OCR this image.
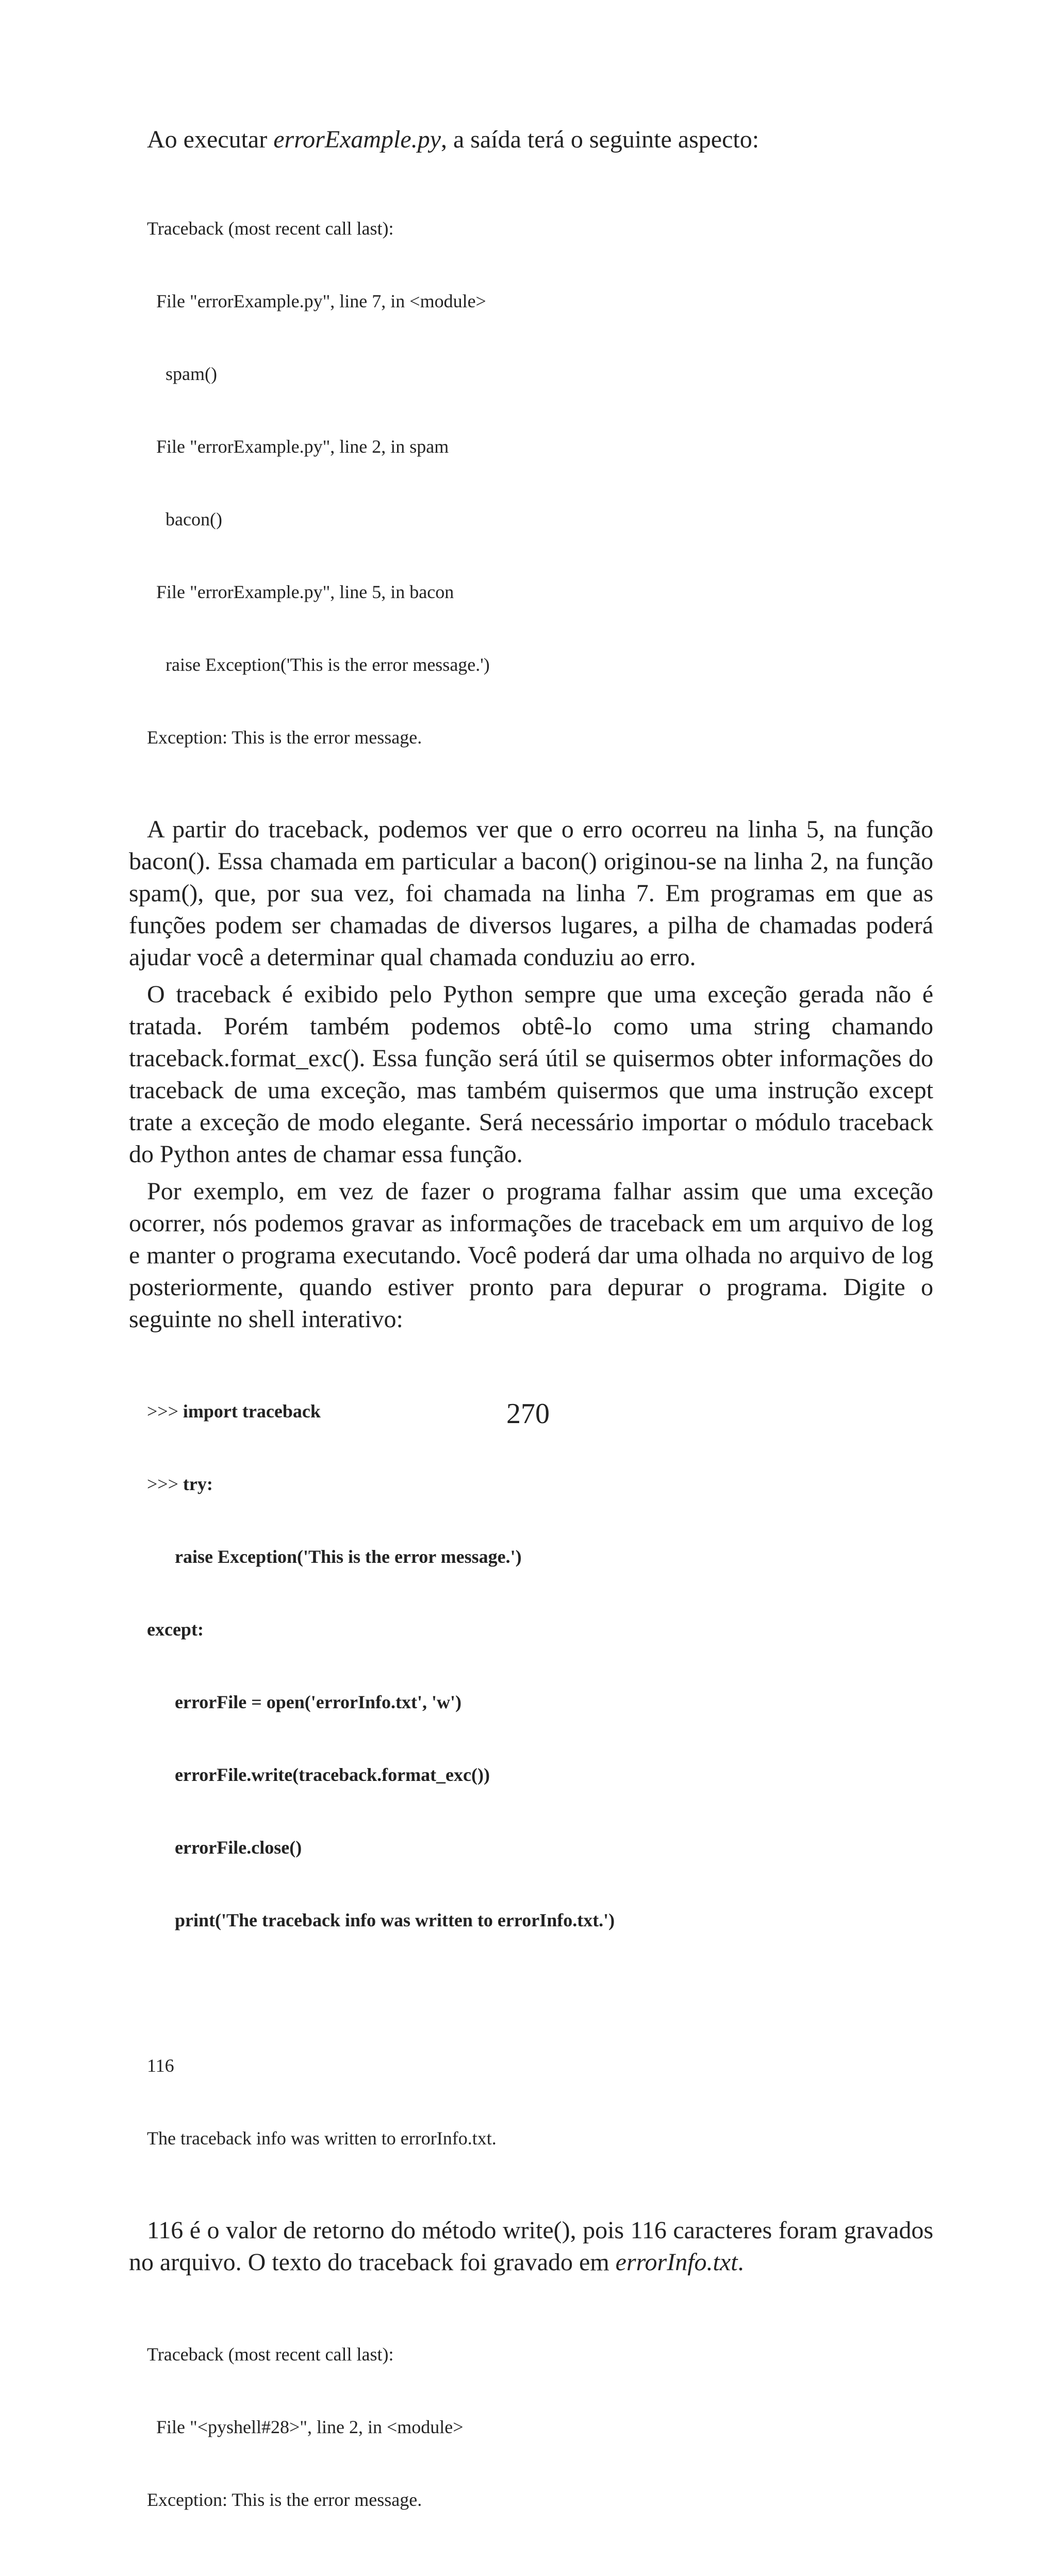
Ao executar errorExample.py, a saída terá o seguinte aspecto:

Traceback (most recent call last):

File "errorExample.py", line 7, in <module>

spam()

File "errorExample.py", line 2, in spam

bacon()

File "errorExample.py", line 5, in bacon

raise Exception('This is the error message.')

Exception: This is the error message.

A partir do traceback, podemos ver que o erro ocorreu na linha 5, na função bacon(). Essa chamada em particular a bacon() originou-se na linha 2, na função spam(), que, por sua vez, foi chamada na linha 7. Em programas em que as funções podem ser chamadas de diversos lugares, a pilha de chamadas poderá ajudar você a determinar qual chamada conduziu ao erro.

O traceback é exibido pelo Python sempre que uma exceção gerada não é tratada. Porém também podemos obtê-lo como uma string chamando traceback.format_exc(). Essa função será útil se quisermos obter informações do traceback de uma exceção, mas também quisermos que uma instrução except trate a exceção de modo elegante. Será necessário importar o módulo traceback do Python antes de chamar essa função.

Por exemplo, em vez de fazer o programa falhar assim que uma exceção ocorrer, nós podemos gravar as informações de traceback em um arquivo de log e manter o programa executando. Você poderá dar uma olhada no arquivo de log posteriormente, quando estiver pronto para depurar o programa. Digite o seguinte no shell interativo:

>>> import traceback

>>> try:

raise Exception('This is the error message.')

except:

errorFile = open('errorInfo.txt', 'w')

errorFile.write(traceback.format_exc())

errorFile.close()

print('The traceback info was written to errorInfo.txt.')

116

The traceback info was written to errorInfo.txt.

116 é o valor de retorno do método write(), pois 116 caracteres foram gravados no arquivo. O texto do traceback foi gravado em errorInfo.txt.

Traceback (most recent call last):

File "<pyshell#28>", line 2, in <module>

Exception: This is the error message.

270
